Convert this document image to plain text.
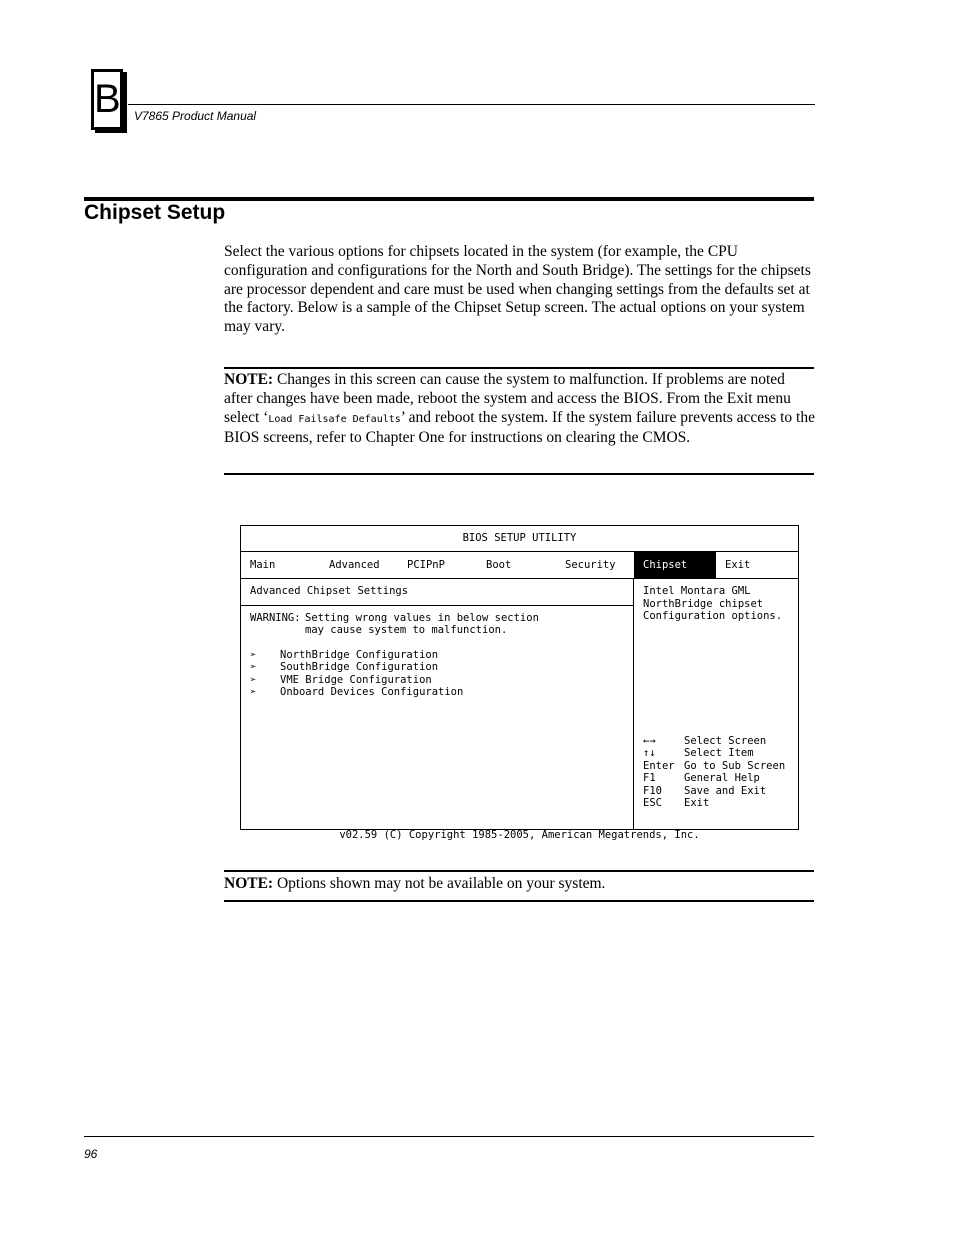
B V7865 Product Manual
Chipset Setup

Select the various options for chipsets located in the system (for example, the CPU configuration and configurations for the North and South Bridge). The settings for the chipsets are processor dependent and care must be used when changing settings from the defaults set at the factory. Below is a sample of the Chipset Setup screen. The actual options on your system may vary.

NOTE: Changes in this screen can cause the system to malfunction. If problems are noted after changes have been made, reboot the system and access the BIOS. From the Exit menu select ‘Load Failsafe Defaults’ and reboot the system. If the system failure prevents access to the BIOS screens, refer to Chapter One for instructions on clearing the CMOS.

BIOS SETUP UTILITY
Main	Advanced	PCIPnP	Boot	Security	Chipset	Exit
Advanced Chipset Settings
WARNING: Setting wrong values in below section
may cause system to malfunction.
➢ NorthBridge Configuration
➢ SouthBridge Configuration
➢ VME Bridge Configuration
➢ Onboard Devices Configuration
Intel Montara GML
NorthBridge chipset
Configuration options.
←→	Select Screen
↑↓	Select Item
Enter Go to Sub Screen
F1	General Help
F10 Save and Exit
ESC Exit
v02.59 (C) Copyright 1985-2005, American Megatrends, Inc.

NOTE: Options shown may not be available on your system.

96
